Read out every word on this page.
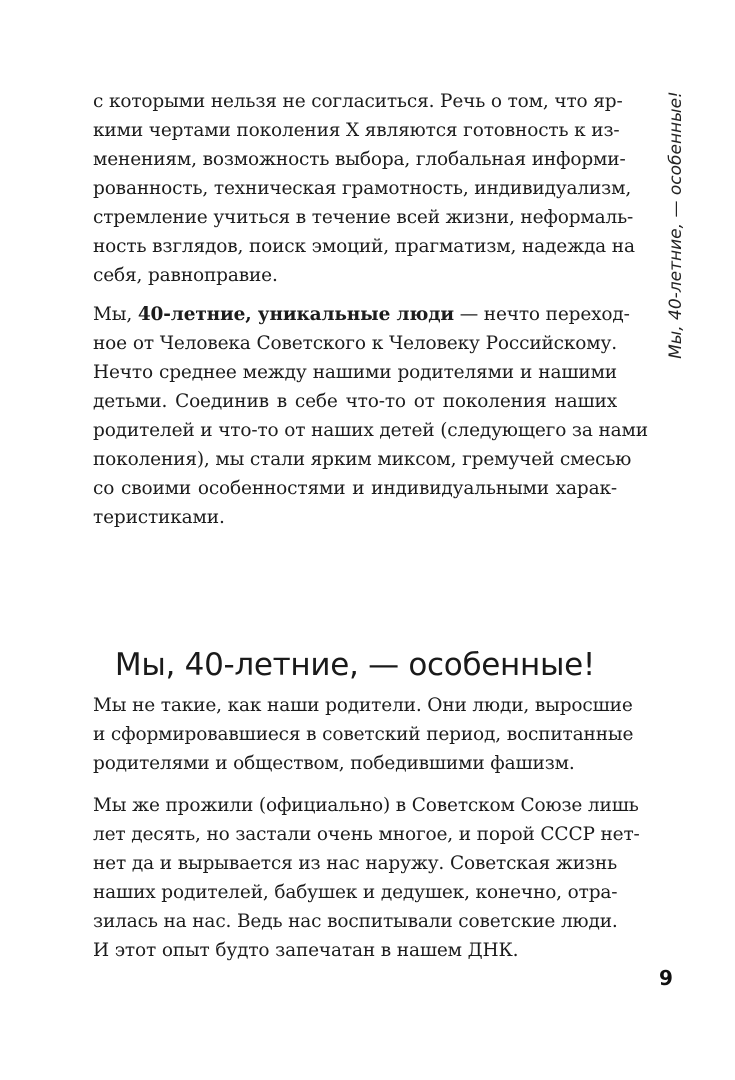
с которыми нельзя не согласиться. Речь о том, что яр-
кими чертами поколения Х являются готовность к из-
менениям, возможность выбора, глобальная информи-
рованность, техническая грамотность, индивидуализм,
стремление учиться в течение всей жизни, неформаль-
ность взглядов, поиск эмоций, прагматизм, надежда на
себя, равноправие.
Мы, 40-летние, уникальные люди — нечто переход-
ное от Человека Советского к Человеку Российскому.
Нечто среднее между нашими родителями и нашими
детьми. Соединив в себе что-то от поколения наших
родителей и что-то от наших детей (следующего за нами
поколения), мы стали ярким миксом, гремучей смесью
со своими особенностями и индивидуальными харак-
теристиками.
Мы, 40-летние, — особенные!
Мы не такие, как наши родители. Они люди, выросшие
и сформировавшиеся в советский период, воспитанные
родителями и обществом, победившими фашизм.
Мы же прожили (официально) в Советском Союзе лишь
лет десять, но застали очень многое, и порой СССР нет-
нет да и вырывается из нас наружу. Советская жизнь
наших родителей, бабушек и дедушек, конечно, отра-
зилась на нас. Ведь нас воспитывали советские люди.
И этот опыт будто запечатан в нашем ДНК.
Мы, 40-летние, — особенные!
9
